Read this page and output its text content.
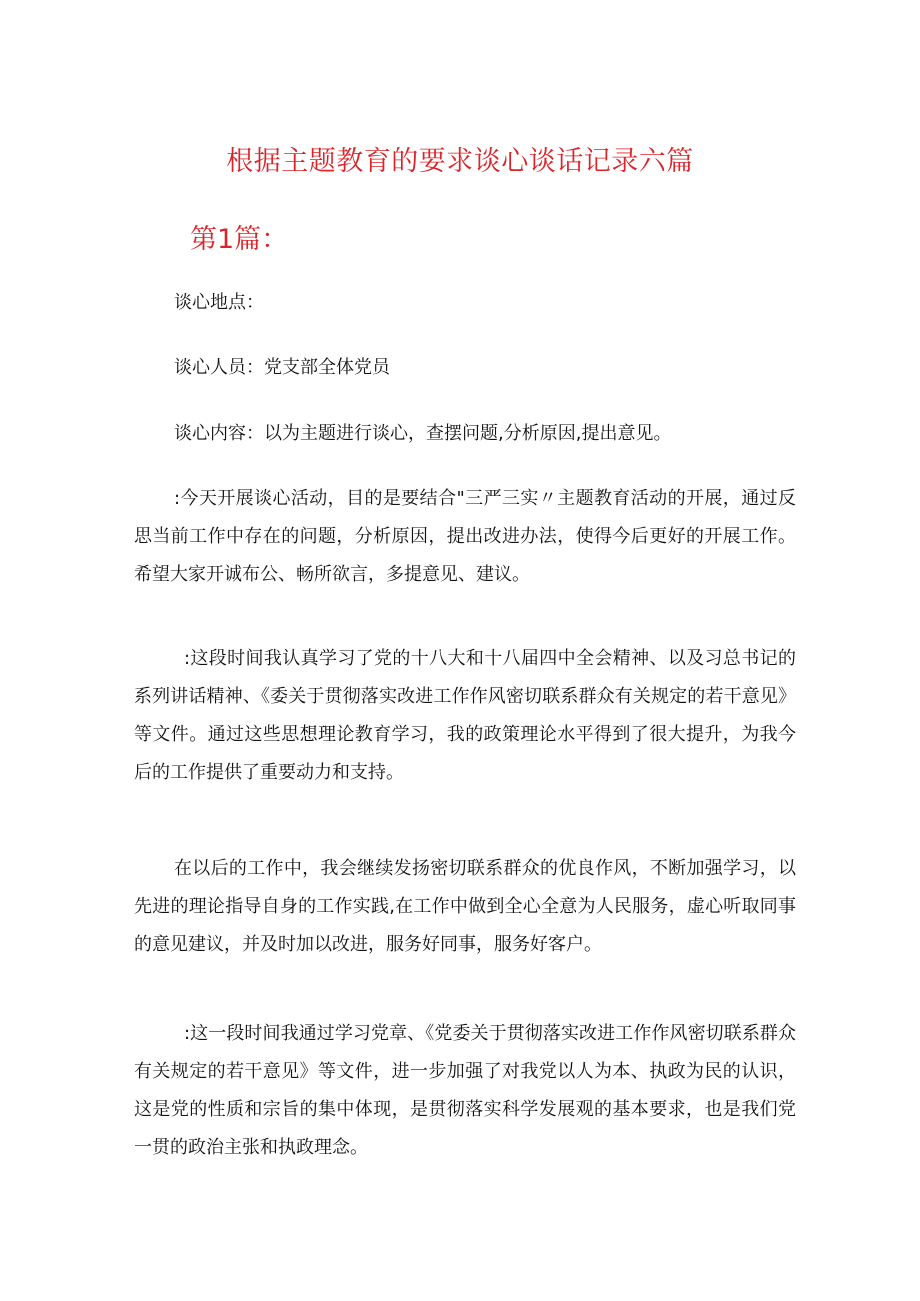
根据主题教育的要求谈心谈话记录六篇
第1篇：
谈心地点：
谈心人员：党支部全体党员
谈心内容：以为主题进行谈心，查摆问题,分析原因,提出意见。

:今天开展谈心活动，目的是要结合"三严三实〃主题教育活动的开展，通过反思当前工作中存在的问题，分析原因，提出改进办法，使得今后更好的开展工作。希望大家开诚布公、畅所欲言，多提意见、建议。

:这段时间我认真学习了党的十八大和十八届四中全会精神、以及习总书记的系列讲话精神、《委关于贯彻落实改进工作作风密切联系群众有关规定的若干意见》等文件。通过这些思想理论教育学习，我的政策理论水平得到了很大提升，为我今后的工作提供了重要动力和支持。

在以后的工作中，我会继续发扬密切联系群众的优良作风，不断加强学习，以先进的理论指导自身的工作实践,在工作中做到全心全意为人民服务，虚心听取同事的意见建议，并及时加以改进，服务好同事，服务好客户。

:这一段时间我通过学习党章、《党委关于贯彻落实改进工作作风密切联系群众有关规定的若干意见》等文件，进一步加强了对我党以人为本、执政为民的认识，这是党的性质和宗旨的集中体现，是贯彻落实科学发展观的基本要求，也是我们党一贯的政治主张和执政理念。
